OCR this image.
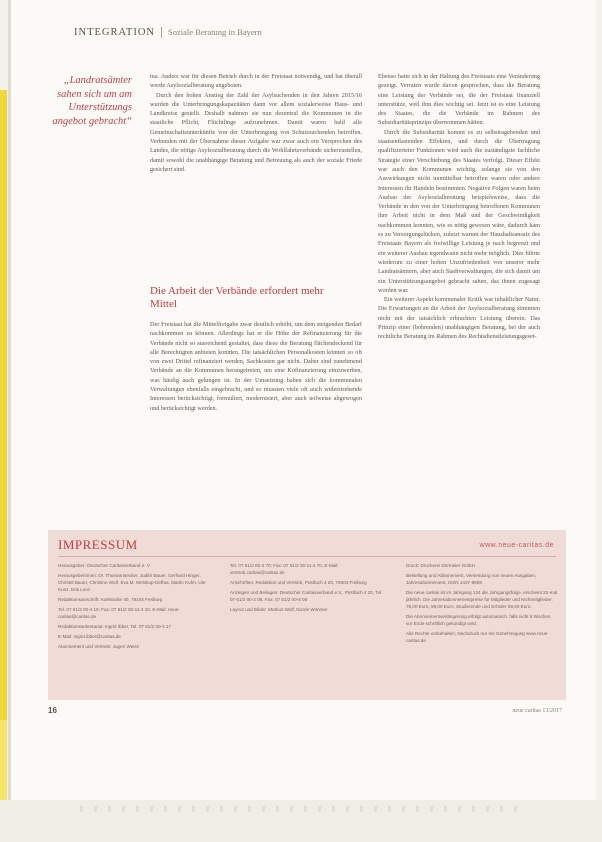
INTEGRATION Soziale Beratung in Bayern
„Landratsämter sahen sich um am Unterstützungs angebot gebracht“

ma. Anders war für diesen Betrieb durch in der Freistaat notwendig, und hat überall werde Asylsozialberatung angeboten.

Durch den hohen Anstieg der Zahl der Asylsuchenden in den Jahren 2015/16 wurden die Unterbringungskapazitäten dann vor allem sozialerweise Haus- und Landkreise gestellt. Deshalb nahmen sie nun dezentral die Kommunen in die staatliche Pflicht, Flüchtlinge aufzunehmen. Damit waren bald alle Gemeinschaftsunterkünfte von der Unterbringung von Schutzsuchenden betroffen. Verbunden mit der Übernahme dieser Aufgabe war zwar auch ein Versprechen des Landes, die nötige Asylsozialberatung durch die Wohlfahrtsverbände sicherzustellen, damit sowohl die unabhängige Beratung und Betreuung als auch der soziale Friede gesichert sind.

Die Arbeit der Verbände erfordert mehr Mittel

Der Freistaat hat die Mittelfreigabe zwar deutlich erhöht, um dem steigenden Bedarf nachkommen zu können. Allerdings hat er die Höhe der Refinanzierung für die Verbände nicht so ausreichend gestaltet, dass diese die Beratung flächendeckend für alle Berechtigten anbieten konnten. Die tatsächlichen Personalkosten können so oft von zwei Drittel refinanziert werden, Sachkosten gar nicht. Daher sind zunehmend Verbände an die Kommunen herangetreten, um eine Kofinanzierung einzuwerben, was häufig auch gelungen ist. In der Umsetzung haben sich die kommunalen Verwaltungen ebenfalls eingebracht, und so mussten viele oft auch widerstrebende Interessen berücksichtigt, formuliert, modernisiert, aber auch teilweise abgewogen und berücksichtigt werden.

Ebenso hatte sich in der Haltung des Freistaats eine Veränderung gezeigt. Verraten wurde davon gesprochen, dass die Beratung eine Leistung der Verbände sei, die der Freistaat finanziell unterstütze, weil ihm dies wichtig sei. Jetzt ist es eine Leistung des Staates, die die Verbände im Rahmen des Subsidiaritätsprinzips übernommen hätten.

Durch die Subsidiarität kommt es zu selbstragebenden und staatsentlastenden Effekten, und durch die Übertragung qualifizierteter Funktionen wird auch die zuständigste fachliche Strategie einer Verschiebung des Staates verfolgt. Dieser Effekt war auch den Kommunen wichtig, solange sie von den Auswirkungen nicht unmittelbar betroffen waren oder andere Interessen ihr Handeln bestimmten. Negative Folgen waren beim Ausbau der Asylsozialberatung beispielsweise, dass die Verbände in den von der Unterbringung betroffenen Kommunen ihre Arbeit nicht in dem Maß und der Geschwindigkeit nachkommen konnten, wie es nötig gewesen wäre, dadurch kam es zu Versorgungslücken, zuletzt warum der Haushaltsansatz des Freistaats Bayern als freiwillige Leistung je nach begrenzt und ein weiterer Ausbau irgendwann nicht mehr möglich. Dies führte wiederum zu einer hohen Unzufriedenheit von unserer mehr Landratsämtern, aber auch Stadtverwaltungen, die sich damit um ein Unterstützungsangebot gebracht sahen, das ihnen zugesagt worden war.

Ein weiterer Aspekt kommunaler Kritik war inhaltlicher Natur. Die Erwartungen an die Arbeit der Asylsozialberatung stimmten nicht mit der tatsächlich erbrachten Leistung überein. Das Prinzip einer (bohrenden) unabhängigen Beratung, bei der auch rechtliche Beratung im Rahmen des Rechtsdienstleistungsgeset-

IMPRESSUM	www.neue-caritas.de

Herausgeber: Deutscher Caritasverband e. V.

Herausgeberinnen: Dr. Thomas Becker, Judith Bauer, Gerhard Hinger, Christel Bauer, Christine Wolf, Eva M. Welskop-Deffaa, Martin Kuhn, Ute Kunz, Erik Lenz

Redaktionsanschrift: Karlstraße 40, 79104 Freiburg

Tel. 07 61/2 00-4 10; Fax: 07 61/2 00-11-4 10, E-Mail: neue-caritas@caritas.de

Redaktionssekretariat: Ingrid Ibber, Tel. 07 61/2 00-4 17

E-Mail: ingrid.ibber@caritas.de

Abonnement und Vertrieb: Jugen Weiss

Tel. 07 61/2 00-4 70; Fax: 07 61/2 00-11-4 70, E-Mail: vertrieb.caritas@caritas.de

Anschriften: Redaktion und Vertrieb, Postfach 4 20, 79004 Freiburg

Anzeigen und Beilagen: Deutscher Caritasverband e.V., Postfach 4 20, Tel. 07 61/2 00-2 08, Fax: 07 61/2 00-5 08

Layout und Bilder: Markus Wolf, Nicole Wimmer

Druck: Druckerei Dürmeier GmbH

Bestellung und Abbonement, Versendung von neuen Ausgaben, Jahresabonnement, ISSN 1437-9959

Die neue caritas ist im Jahrgang 124 die Jahrgangsfolge, erscheint 22-mal jährlich. Die Jahresabonnementpreise für Mitglieder und Nichtmitglieder: 78,00 Euro, 98,00 Euro, Studierende und Schüler 59,00 Euro.

Die Abonnementverlängerung erfolgt automatisch, falls nicht 6 Wochen vor Ende schriftlich gekündigt wird.

Alle Rechte vorbehalten; Nachdruck nur mit Genehmigung www.neue-caritas.de

16	neue caritas 13/2017
